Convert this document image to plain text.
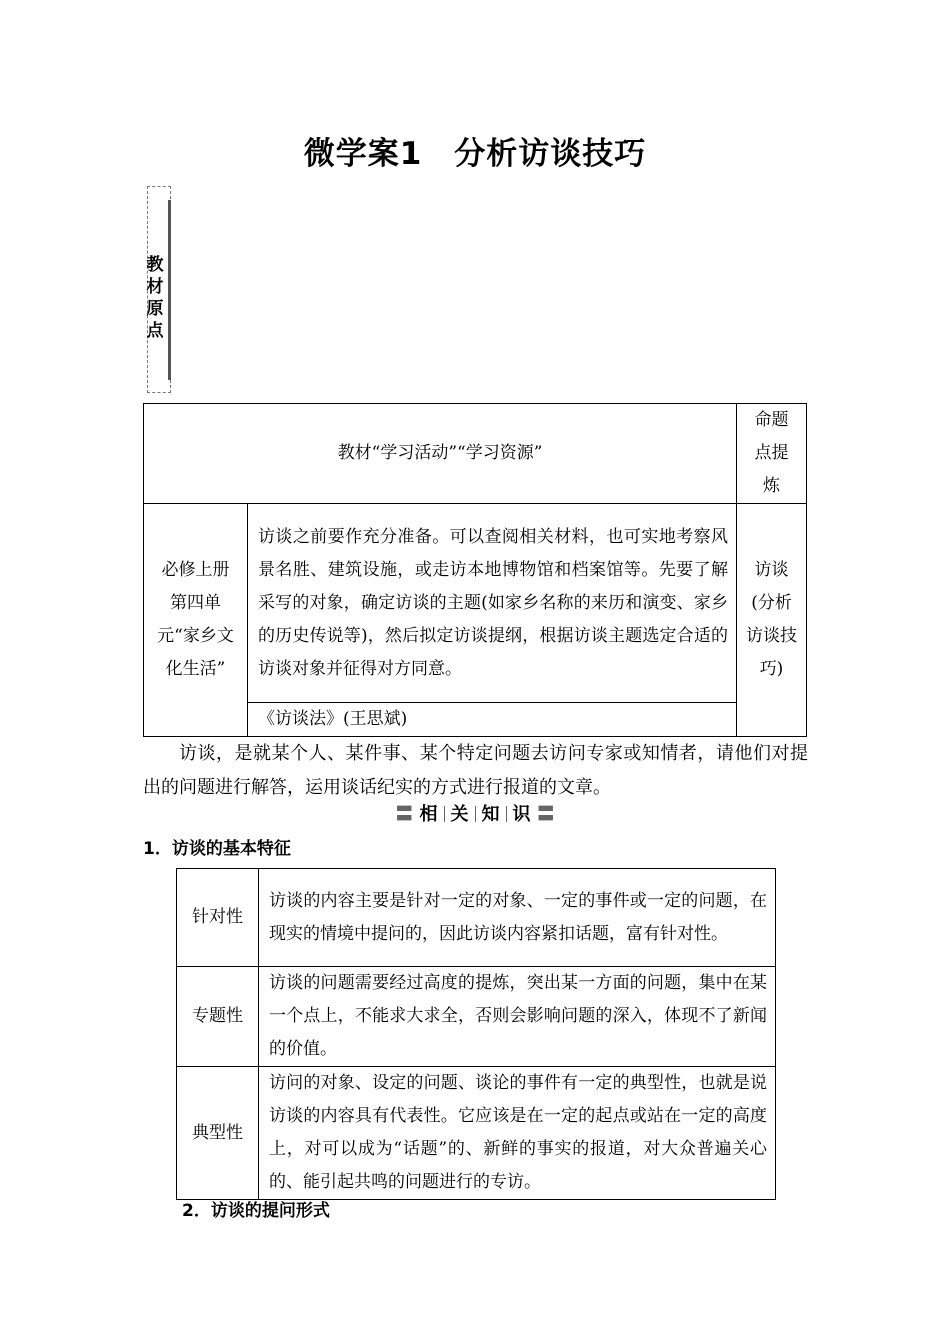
微学案1　分析访谈技巧
教材原点
教材“学习活动”“学习资源”		命题点提炼
必修上册第四单元“家乡文化生活”	访谈之前要作充分准备。可以查阅相关材料，也可实地考察风景名胜、建筑设施，或走访本地博物馆和档案馆等。先要了解采写的对象，确定访谈的主题(如家乡名称的来历和演变、家乡的历史传说等)，然后拟定访谈提纲，根据访谈主题选定合适的访谈对象并征得对方同意。	访谈(分析访谈技巧)
	《访谈法》(王思斌)	

访谈，是就某个人、某件事、某个特定问题去访问专家或知情者，请他们对提出的问题进行解答，运用谈话纪实的方式进行报道的文章。

〓 相 关 知 识 〓

1．访谈的基本特征

针对性	访谈的内容主要是针对一定的对象、一定的事件或一定的问题，在现实的情境中提问的，因此访谈内容紧扣话题，富有针对性。
专题性	访谈的问题需要经过高度的提炼，突出某一方面的问题，集中在某一个点上，不能求大求全，否则会影响问题的深入，体现不了新闻的价值。
典型性	访问的对象、设定的问题、谈论的事件有一定的典型性，也就是说访谈的内容具有代表性。它应该是在一定的起点或站在一定的高度上，对可以成为“话题”的、新鲜的事实的报道，对大众普遍关心的、能引起共鸣的问题进行的专访。

2．访谈的提问形式
